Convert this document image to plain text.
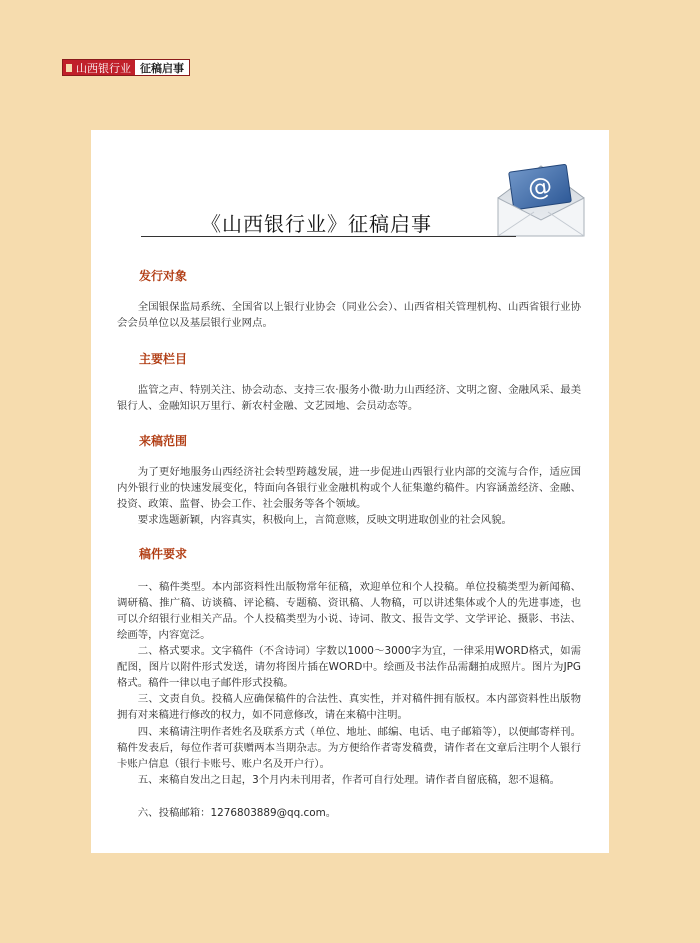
山西银行业 征稿启事
@
《山西银行业》征稿启事
发行对象

全国银保监局系统、全国省以上银行业协会（同业公会）、山西省相关管理机构、山西省银行业协会会员单位以及基层银行业网点。

主要栏目

监管之声、特别关注、协会动态、支持三农·服务小微·助力山西经济、文明之窗、金融风采、最美银行人、金融知识万里行、新农村金融、文艺园地、会员动态等。

来稿范围

为了更好地服务山西经济社会转型跨越发展，进一步促进山西银行业内部的交流与合作，适应国内外银行业的快速发展变化，特面向各银行业金融机构或个人征集邀约稿件。内容涵盖经济、金融、投资、政策、监督、协会工作、社会服务等各个领域。

要求选题新颖，内容真实，积极向上，言简意赅，反映文明进取创业的社会风貌。

稿件要求

一、稿件类型。本内部资料性出版物常年征稿，欢迎单位和个人投稿。单位投稿类型为新闻稿、调研稿、推广稿、访谈稿、评论稿、专题稿、资讯稿、人物稿，可以讲述集体或个人的先进事迹，也可以介绍银行业相关产品。个人投稿类型为小说、诗词、散文、报告文学、文学评论、摄影、书法、绘画等，内容宽泛。

二、格式要求。文字稿件（不含诗词）字数以1000～3000字为宜，一律采用WORD格式，如需配图，图片以附件形式发送，请勿将图片插在WORD中。绘画及书法作品需翻拍成照片。图片为JPG格式。稿件一律以电子邮件形式投稿。

三、文责自负。投稿人应确保稿件的合法性、真实性，并对稿件拥有版权。本内部资料性出版物拥有对来稿进行修改的权力，如不同意修改，请在来稿中注明。

四、来稿请注明作者姓名及联系方式（单位、地址、邮编、电话、电子邮箱等），以便邮寄样刊。稿件发表后，每位作者可获赠两本当期杂志。为方便给作者寄发稿费，请作者在文章后注明个人银行卡账户信息（银行卡账号、账户名及开户行）。

五、来稿自发出之日起，3个月内未刊用者，作者可自行处理。请作者自留底稿，恕不退稿。

六、投稿邮箱：1276803889@qq.com。
